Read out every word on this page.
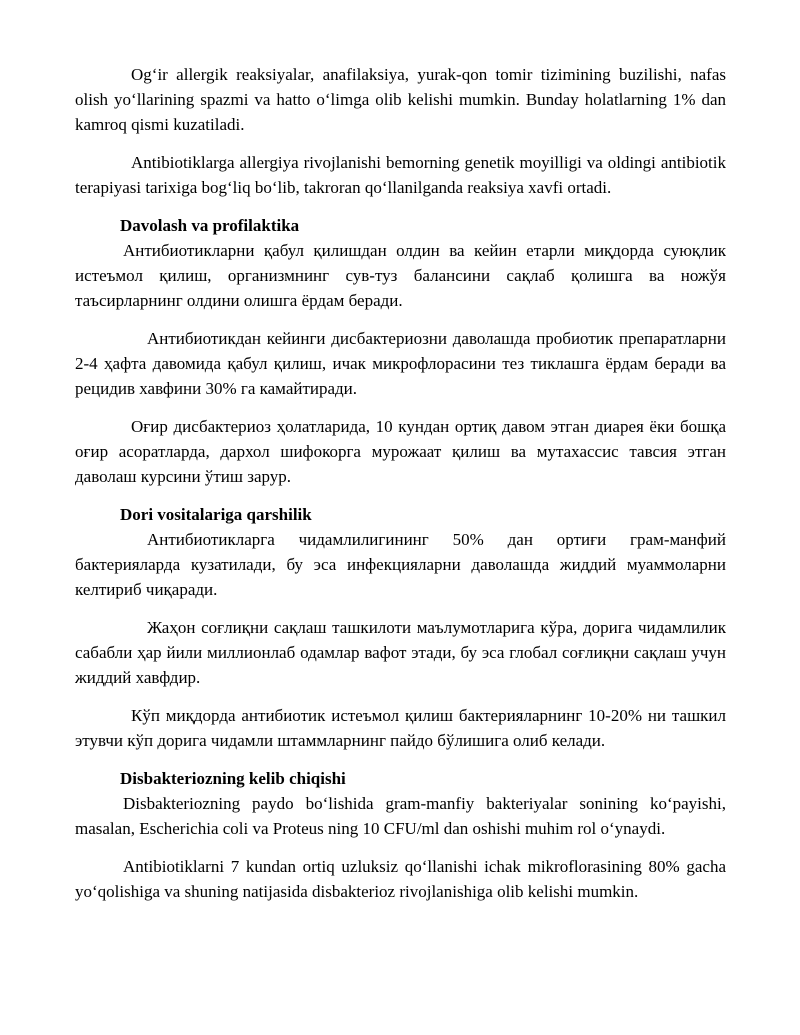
Og‘ir allergik reaksiyalar, anafilaksiya, yurak-qon tomir tizimining buzilishi, nafas olish yo‘llarining spazmi va hatto o‘limga olib kelishi mumkin. Bunday holatlarning 1% dan kamroq qismi kuzatiladi.

Antibiotiklarga allergiya rivojlanishi bemorning genetik moyilligi va oldingi antibiotik terapiyasi tarixiga bog‘liq bo‘lib, takroran qo‘llanilganda reaksiya xavfi ortadi.

Davolash va profilaktika

Антибиотикларни қабул қилишдан олдин ва кейин етарли миқдорда суюқлик истеъмол қилиш, организмнинг сув-туз балансини сақлаб қолишга ва ножўя таъсирларнинг олдини олишга ёрдам беради.

Антибиотикдан кейинги дисбактериозни даволашда пробиотик препаратларни 2-4 ҳафта давомида қабул қилиш, ичак микрофлорасини тез тиклашга ёрдам беради ва рецидив хавфини 30% га камайтиради.

Оғир дисбактериоз ҳолатларида, 10 кундан ортиқ давом этган диарея ёки бошқа оғир асоратларда, дархол шифокорга мурожаат қилиш ва мутахассис тавсия этган даволаш курсини ўтиш зарур.

Dori vositalariga qarshilik

Антибиотикларга чидамлилигининг 50% дан ортиғи грам-манфий бактерияларда кузатилади, бу эса инфекцияларни даволашда жиддий муаммоларни келтириб чиқаради.

Жаҳон соғлиқни сақлаш ташкилоти маълумотларига кўра, дорига чидамлилик сабабли ҳар йили миллионлаб одамлар вафот этади, бу эса глобал соғлиқни сақлаш учун жиддий хавфдир.

Кўп миқдорда антибиотик истеъмол қилиш бактерияларнинг 10-20% ни ташкил этувчи кўп дорига чидамли штаммларнинг пайдо бўлишига олиб келади.

Disbakteriozning kelib chiqishi

Disbakteriozning paydo bo‘lishida gram-manfiy bakteriyalar sonining ko‘payishi, masalan, Escherichia coli va Proteus ning 10 CFU/ml dan oshishi muhim rol o‘ynaydi.

Antibiotiklarni 7 kundan ortiq uzluksiz qo‘llanishi ichak mikroflorasining 80% gacha yo‘qolishiga va shuning natijasida disbakterioz rivojlanishiga olib kelishi mumkin.
